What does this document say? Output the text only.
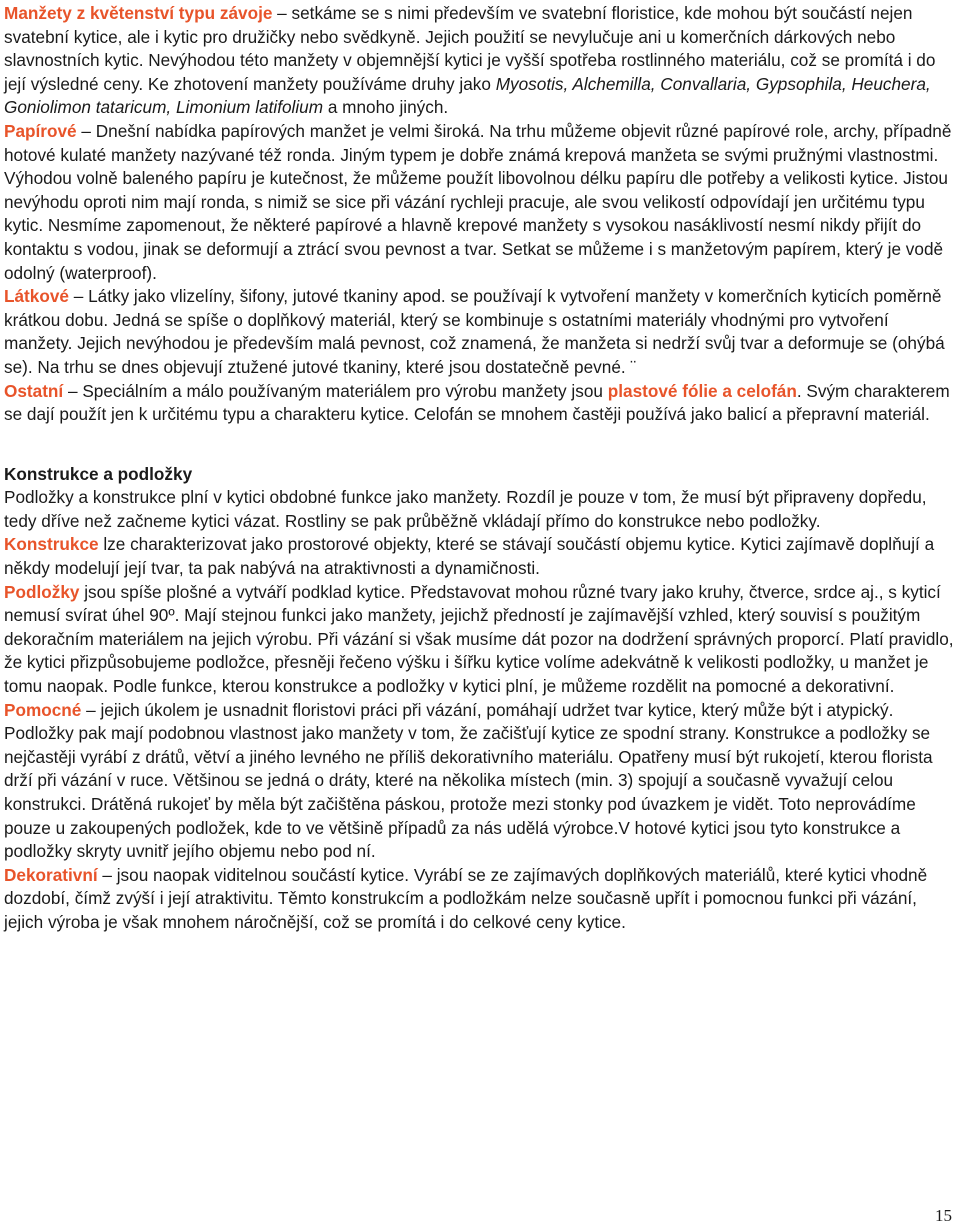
Manžety z květenství typu závoje – setkáme se s nimi především ve svatební floristice, kde mohou být součástí nejen svatební kytice, ale i kytic pro družičky nebo svědkyně. Jejich použití se nevylučuje ani u komerčních dárkových nebo slavnostních kytic. Nevýhodou této manžety v objemnější kytici je vyšší spotřeba rostlinného materiálu, což se promítá i do její výsledné ceny. Ke zhotovení manžety používáme druhy jako Myosotis, Alchemilla, Convallaria, Gypsophila, Heuchera, Goniolimon tataricum, Limonium latifolium a mnoho jiných.

Papírové – Dnešní nabídka papírových manžet je velmi široká. Na trhu můžeme objevit různé papírové role, archy, případně hotové kulaté manžety nazývané též ronda. Jiným typem je dobře známá krepová manžeta se svými pružnými vlastnostmi. Výhodou volně baleného papíru je kutečnost, že můžeme použít libovolnou délku papíru dle potřeby a velikosti kytice. Jistou nevýhodu oproti nim mají ronda, s nimiž se sice při vázání rychleji pracuje, ale svou velikostí odpovídají jen určitému typu kytic. Nesmíme zapomenout, že některé papírové a hlavně krepové manžety s vysokou nasáklivostí nesmí nikdy přijít do kontaktu s vodou, jinak se deformují a ztrácí svou pevnost a tvar. Setkat se můžeme i s manžetovým papírem, který je vodě odolný (waterproof).

Látkové – Látky jako vlizelíny, šifony, jutové tkaniny apod. se používají k vytvoření manžety v komerčních kyticích poměrně krátkou dobu. Jedná se spíše o doplňkový materiál, který se kombinuje s ostatními materiály vhodnými pro vytvoření manžety. Jejich nevýhodou je především malá pevnost, což znamená, že manžeta si nedrží svůj tvar a deformuje se (ohýbá se). Na trhu se dnes objevují ztužené jutové tkaniny, které jsou dostatečně pevné. ¨

Ostatní – Speciálním a málo používaným materiálem pro výrobu manžety jsou plastové fólie a celofán. Svým charakterem se dají použít jen k určitému typu a charakteru kytice. Celofán se mnohem častěji používá jako balicí a přepravní materiál.

Konstrukce a podložky

Podložky a konstrukce plní v kytici obdobné funkce jako manžety. Rozdíl je pouze v tom, že musí být připraveny dopředu, tedy dříve než začneme kytici vázat. Rostliny se pak průběžně vkládají přímo do konstrukce nebo podložky.

Konstrukce lze charakterizovat jako prostorové objekty, které se stávají součástí objemu kytice. Kytici zajímavě doplňují a někdy modelují její tvar, ta pak nabývá na atraktivnosti a dynamičnosti.

Podložky jsou spíše plošné a vytváří podklad kytice. Představovat mohou různé tvary jako kruhy, čtverce, srdce aj., s kyticí nemusí svírat úhel 90º. Mají stejnou funkci jako manžety, jejichž předností je zajímavější vzhled, který souvisí s použitým dekoračním materiálem na jejich výrobu. Při vázání si však musíme dát pozor na dodržení správných proporcí. Platí pravidlo, že kytici přizpůsobujeme podložce, přesněji řečeno výšku i šířku kytice volíme adekvátně k velikosti podložky, u manžet je tomu naopak. Podle funkce, kterou konstrukce a podložky v kytici plní, je můžeme rozdělit na pomocné a dekorativní.

Pomocné – jejich úkolem je usnadnit floristovi práci při vázání, pomáhají udržet tvar kytice, který může být i atypický. Podložky pak mají podobnou vlastnost jako manžety v tom, že začišťují kytice ze spodní strany. Konstrukce a podložky se nejčastěji vyrábí z drátů, větví a jiného levného ne příliš dekorativního materiálu. Opatřeny musí být rukojetí, kterou florista drží při vázání v ruce. Většinou se jedná o dráty, které na několika místech (min. 3) spojují a současně vyvažují celou konstrukci. Drátěná rukojeť by měla být začištěna páskou, protože mezi stonky pod úvazkem je vidět. Toto neprovádíme pouze u zakoupených podložek, kde to ve většině případů za nás udělá výrobce.V hotové kytici jsou tyto konstrukce a podložky skryty uvnitř jejího objemu nebo pod ní.

Dekorativní – jsou naopak viditelnou součástí kytice. Vyrábí se ze zajímavých doplňkových materiálů, které kytici vhodně dozdobí, čímž zvýší i její atraktivitu. Těmto konstrukcím a podložkám nelze současně upřít i pomocnou funkci při vázání, jejich výroba je však mnohem náročnější, což se promítá i do celkové ceny kytice.

15
